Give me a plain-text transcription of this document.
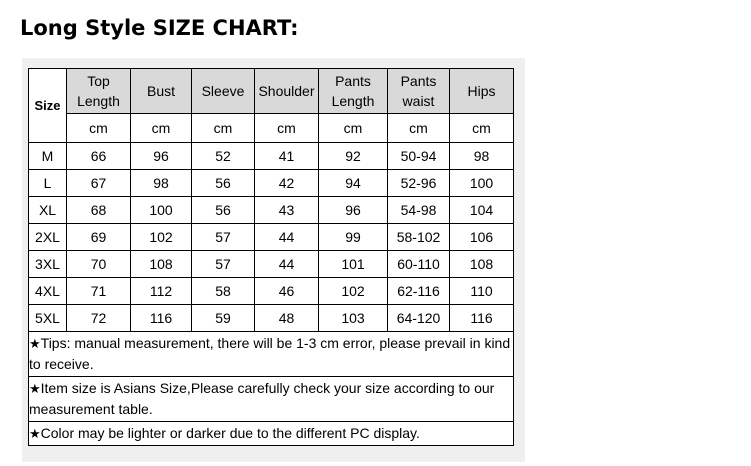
Long Style SIZE CHART:
Size	Top Length	Bust	Sleeve	Shoulder	Pants Length	Pants waist	Hips
	cm	cm	cm	cm	cm	cm	cm
M	66	96	52	41	92	50-94	98
L	67	98	56	42	94	52-96	100
XL	68	100	56	43	96	54-98	104
2XL	69	102	57	44	99	58-102	106
3XL	70	108	57	44	101	60-110	108
4XL	71	112	58	46	102	62-116	110
5XL	72	116	59	48	103	64-120	116
★Tips: manual measurement, there will be 1-3 cm error, please prevail in kind to receive.							
★Item size is Asians Size,Please carefully check your size according to our measurement table.							
★Color may be lighter or darker due to the different PC display.							
